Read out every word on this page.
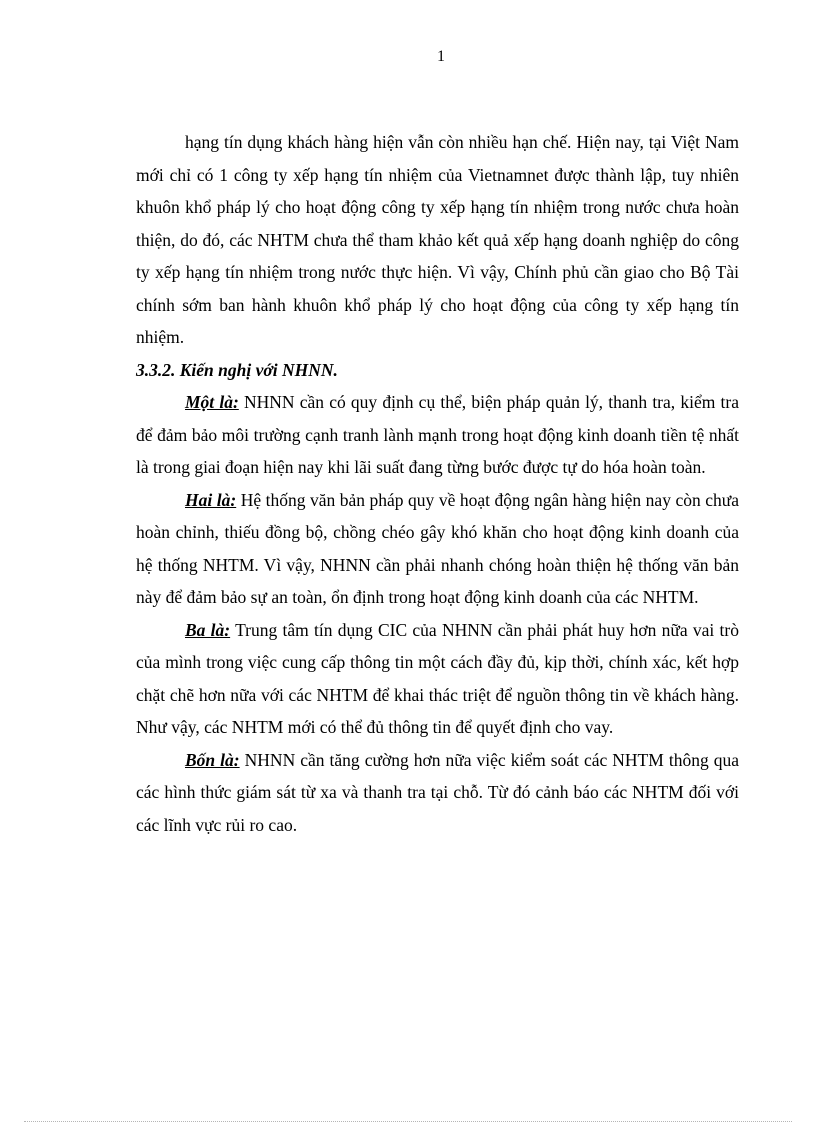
1

hạng tín dụng khách hàng hiện vẫn còn nhiều hạn chế. Hiện nay, tại Việt Nam mới chỉ có 1 công ty xếp hạng tín nhiệm của Vietnamnet được thành lập, tuy nhiên khuôn khổ pháp lý cho hoạt động công ty xếp hạng tín nhiệm trong nước chưa hoàn thiện, do đó, các NHTM chưa thể tham khảo kết quả xếp hạng doanh nghiệp do công ty xếp hạng tín nhiệm trong nước thực hiện. Vì vậy, Chính phủ cần giao cho Bộ Tài chính sớm ban hành khuôn khổ pháp lý cho hoạt động của công ty xếp hạng tín nhiệm.

3.3.2. Kiến nghị với NHNN.

Một là: NHNN cần có quy định cụ thể, biện pháp quản lý, thanh tra, kiểm tra để đảm bảo môi trường cạnh tranh lành mạnh trong hoạt động kinh doanh tiền tệ nhất là trong giai đoạn hiện nay khi lãi suất đang từng bước được tự do hóa hoàn toàn.

Hai là: Hệ thống văn bản pháp quy về hoạt động ngân hàng hiện nay còn chưa hoàn chỉnh, thiếu đồng bộ, chồng chéo gây khó khăn cho hoạt động kinh doanh của hệ thống NHTM. Vì vậy, NHNN cần phải nhanh chóng hoàn thiện hệ thống văn bản này để đảm bảo sự an toàn, ổn định trong hoạt động kinh doanh của các NHTM.

Ba là: Trung tâm tín dụng CIC của NHNN cần phải phát huy hơn nữa vai trò của mình trong việc cung cấp thông tin một cách đầy đủ, kịp thời, chính xác, kết hợp chặt chẽ hơn nữa với các NHTM để khai thác triệt để nguồn thông tin về khách hàng. Như vậy, các NHTM mới có thể đủ thông tin để quyết định cho vay.

Bốn là: NHNN cần tăng cường hơn nữa việc kiểm soát các NHTM thông qua các hình thức giám sát từ xa và thanh tra tại chỗ. Từ đó cảnh báo các NHTM đối với các lĩnh vực rủi ro cao.
